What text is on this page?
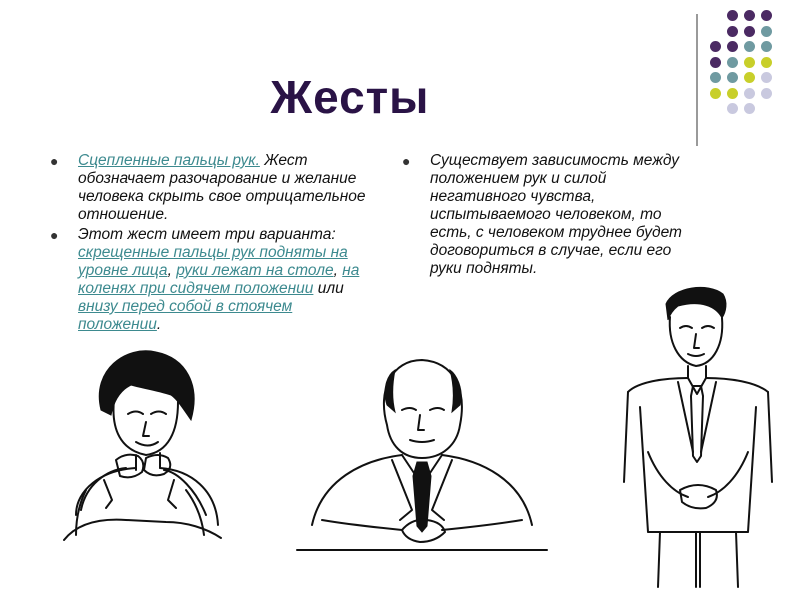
Жесты
● Сцепленные пальцы рук. Жест обозначает разочарование и желание человека скрыть свое отрицательное отношение.
● Этот жест имеет три варианта: скрещенные пальцы рук подняты на уровне лица, руки лежат на столе, на коленях при сидячем положении или внизу перед собой в стоячем положении.
● Существует зависимость между положением рук и силой негативного чувства, испытываемого человеком, то есть, с человеком труднее будет договориться в случае, если его руки подняты.
